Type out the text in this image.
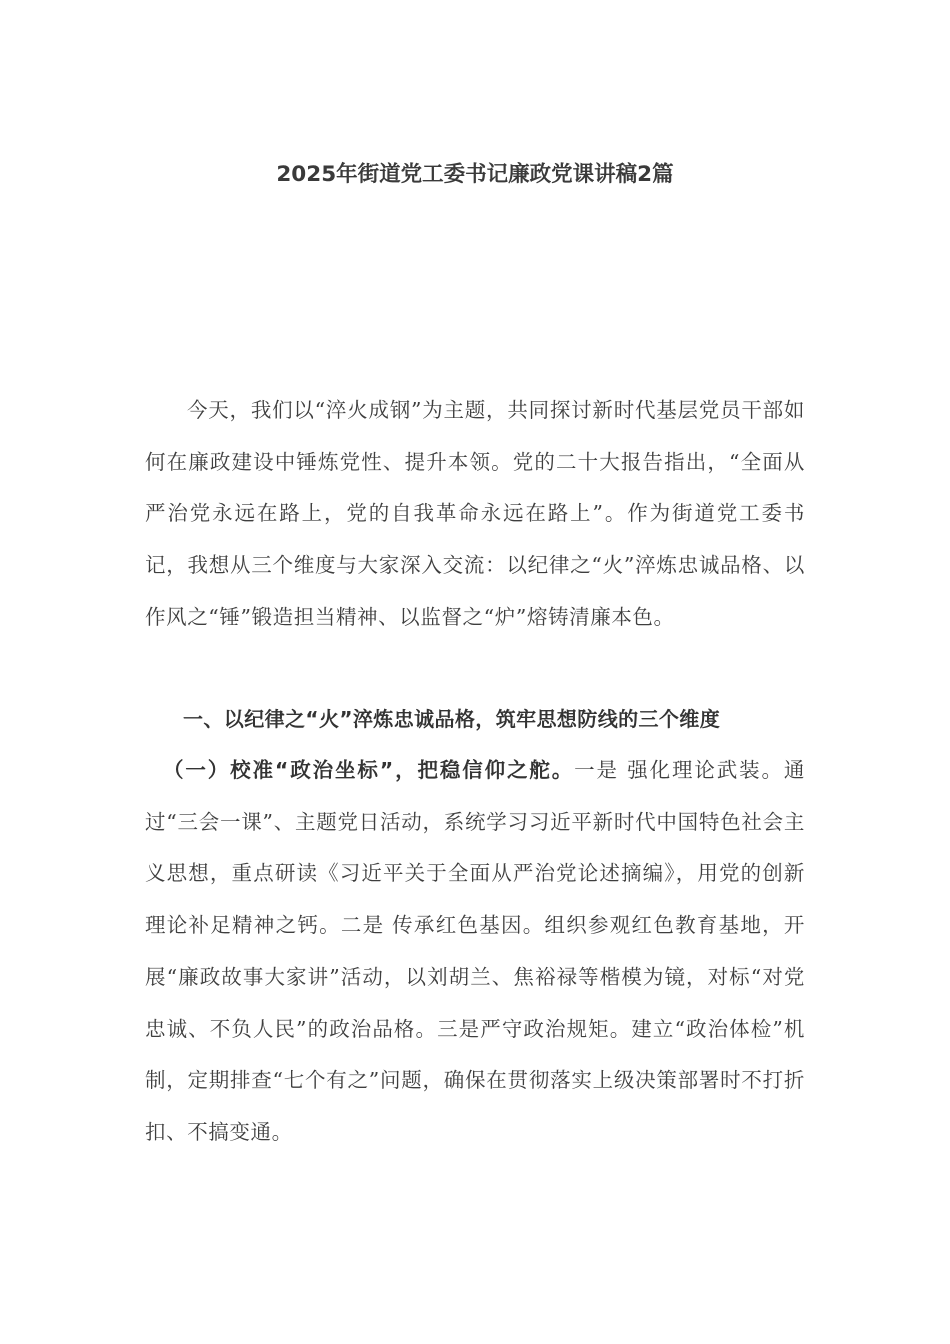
2025年街道党工委书记廉政党课讲稿2篇

今天，我们以“淬火成钢”为主题，共同探讨新时代基层党员干部如何在廉政建设中锤炼党性、提升本领。党的二十大报告指出，“全面从严治党永远在路上，党的自我革命永远在路上”。作为街道党工委书记，我想从三个维度与大家深入交流：以纪律之“火”淬炼忠诚品格、以作风之“锤”锻造担当精神、以监督之“炉”熔铸清廉本色。

一、以纪律之“火”淬炼忠诚品格，筑牢思想防线的三个维度

（一）校准“政治坐标”，把稳信仰之舵。一是 强化理论武装。通过“三会一课”、主题党日活动，系统学习习近平新时代中国特色社会主义思想，重点研读《习近平关于全面从严治党论述摘编》，用党的创新理论补足精神之钙。二是 传承红色基因。组织参观红色教育基地，开展“廉政故事大家讲”活动，以刘胡兰、焦裕禄等楷模为镜，对标“对党忠诚、不负人民”的政治品格。三是严守政治规矩。建立“政治体检”机制，定期排查“七个有之”问题，确保在贯彻落实上级决策部署时不打折扣、不搞变通。
